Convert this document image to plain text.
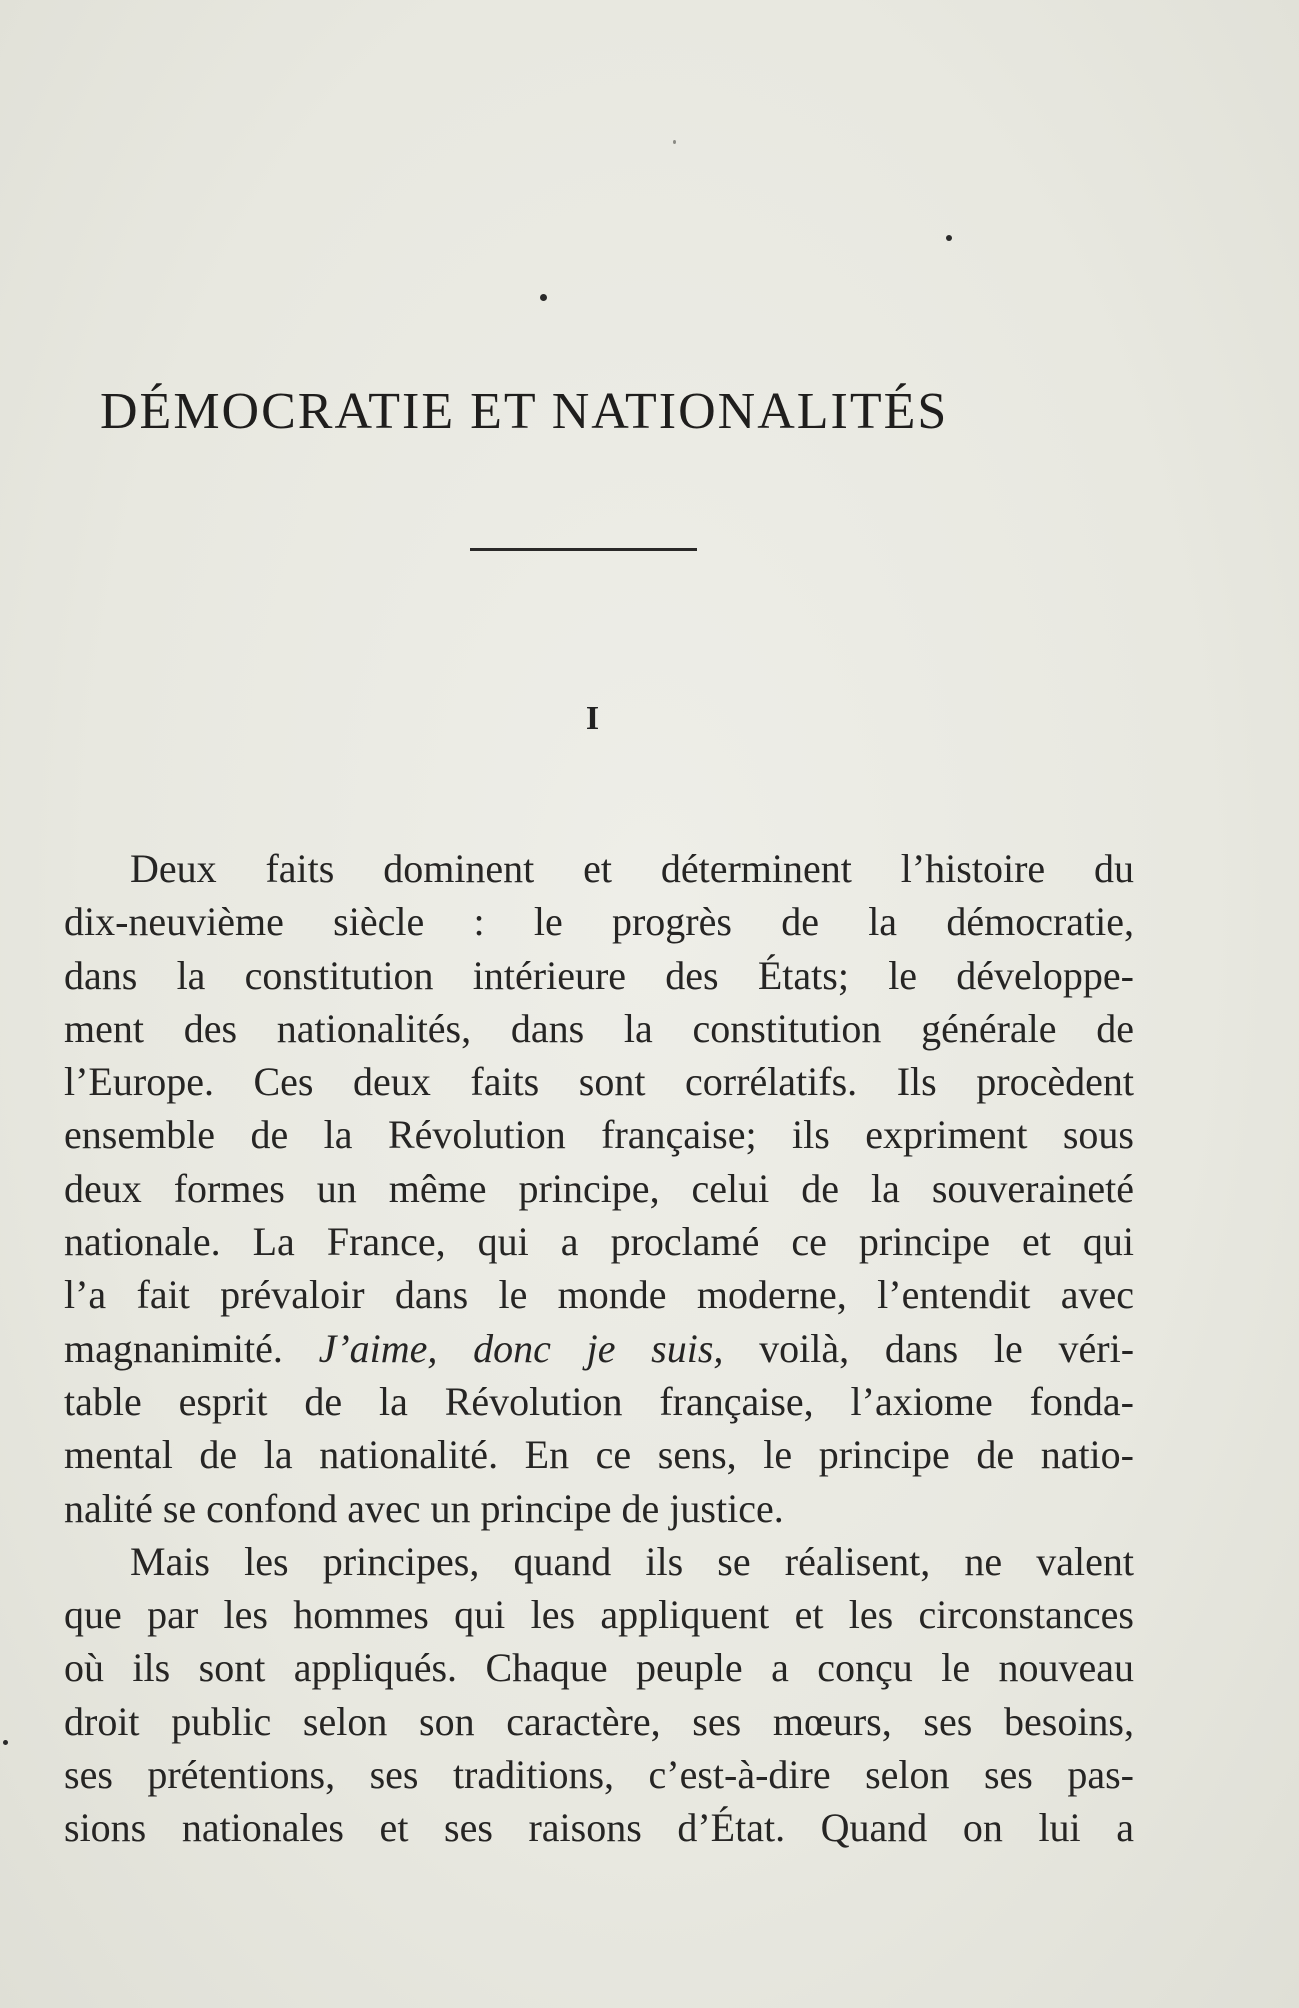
DÉMOCRATIE ET NATIONALITÉS
I
Deux faits dominent et déterminent l’histoire du
dix-neuvième siècle : le progrès de la démocratie,
dans la constitution intérieure des États; le développe-
ment des nationalités, dans la constitution générale de
l’Europe. Ces deux faits sont corrélatifs. Ils procèdent
ensemble de la Révolution française; ils expriment sous
deux formes un même principe, celui de la souveraineté
nationale. La France, qui a proclamé ce principe et qui
l’a fait prévaloir dans le monde moderne, l’entendit avec
magnanimité. J’aime, donc je suis, voilà, dans le véri-
table esprit de la Révolution française, l’axiome fonda-
mental de la nationalité. En ce sens, le principe de natio-
nalité se confond avec un principe de justice.
Mais les principes, quand ils se réalisent, ne valent
que par les hommes qui les appliquent et les circonstances
où ils sont appliqués. Chaque peuple a conçu le nouveau
droit public selon son caractère, ses mœurs, ses besoins,
ses prétentions, ses traditions, c’est-à-dire selon ses pas-
sions nationales et ses raisons d’État. Quand on lui a
